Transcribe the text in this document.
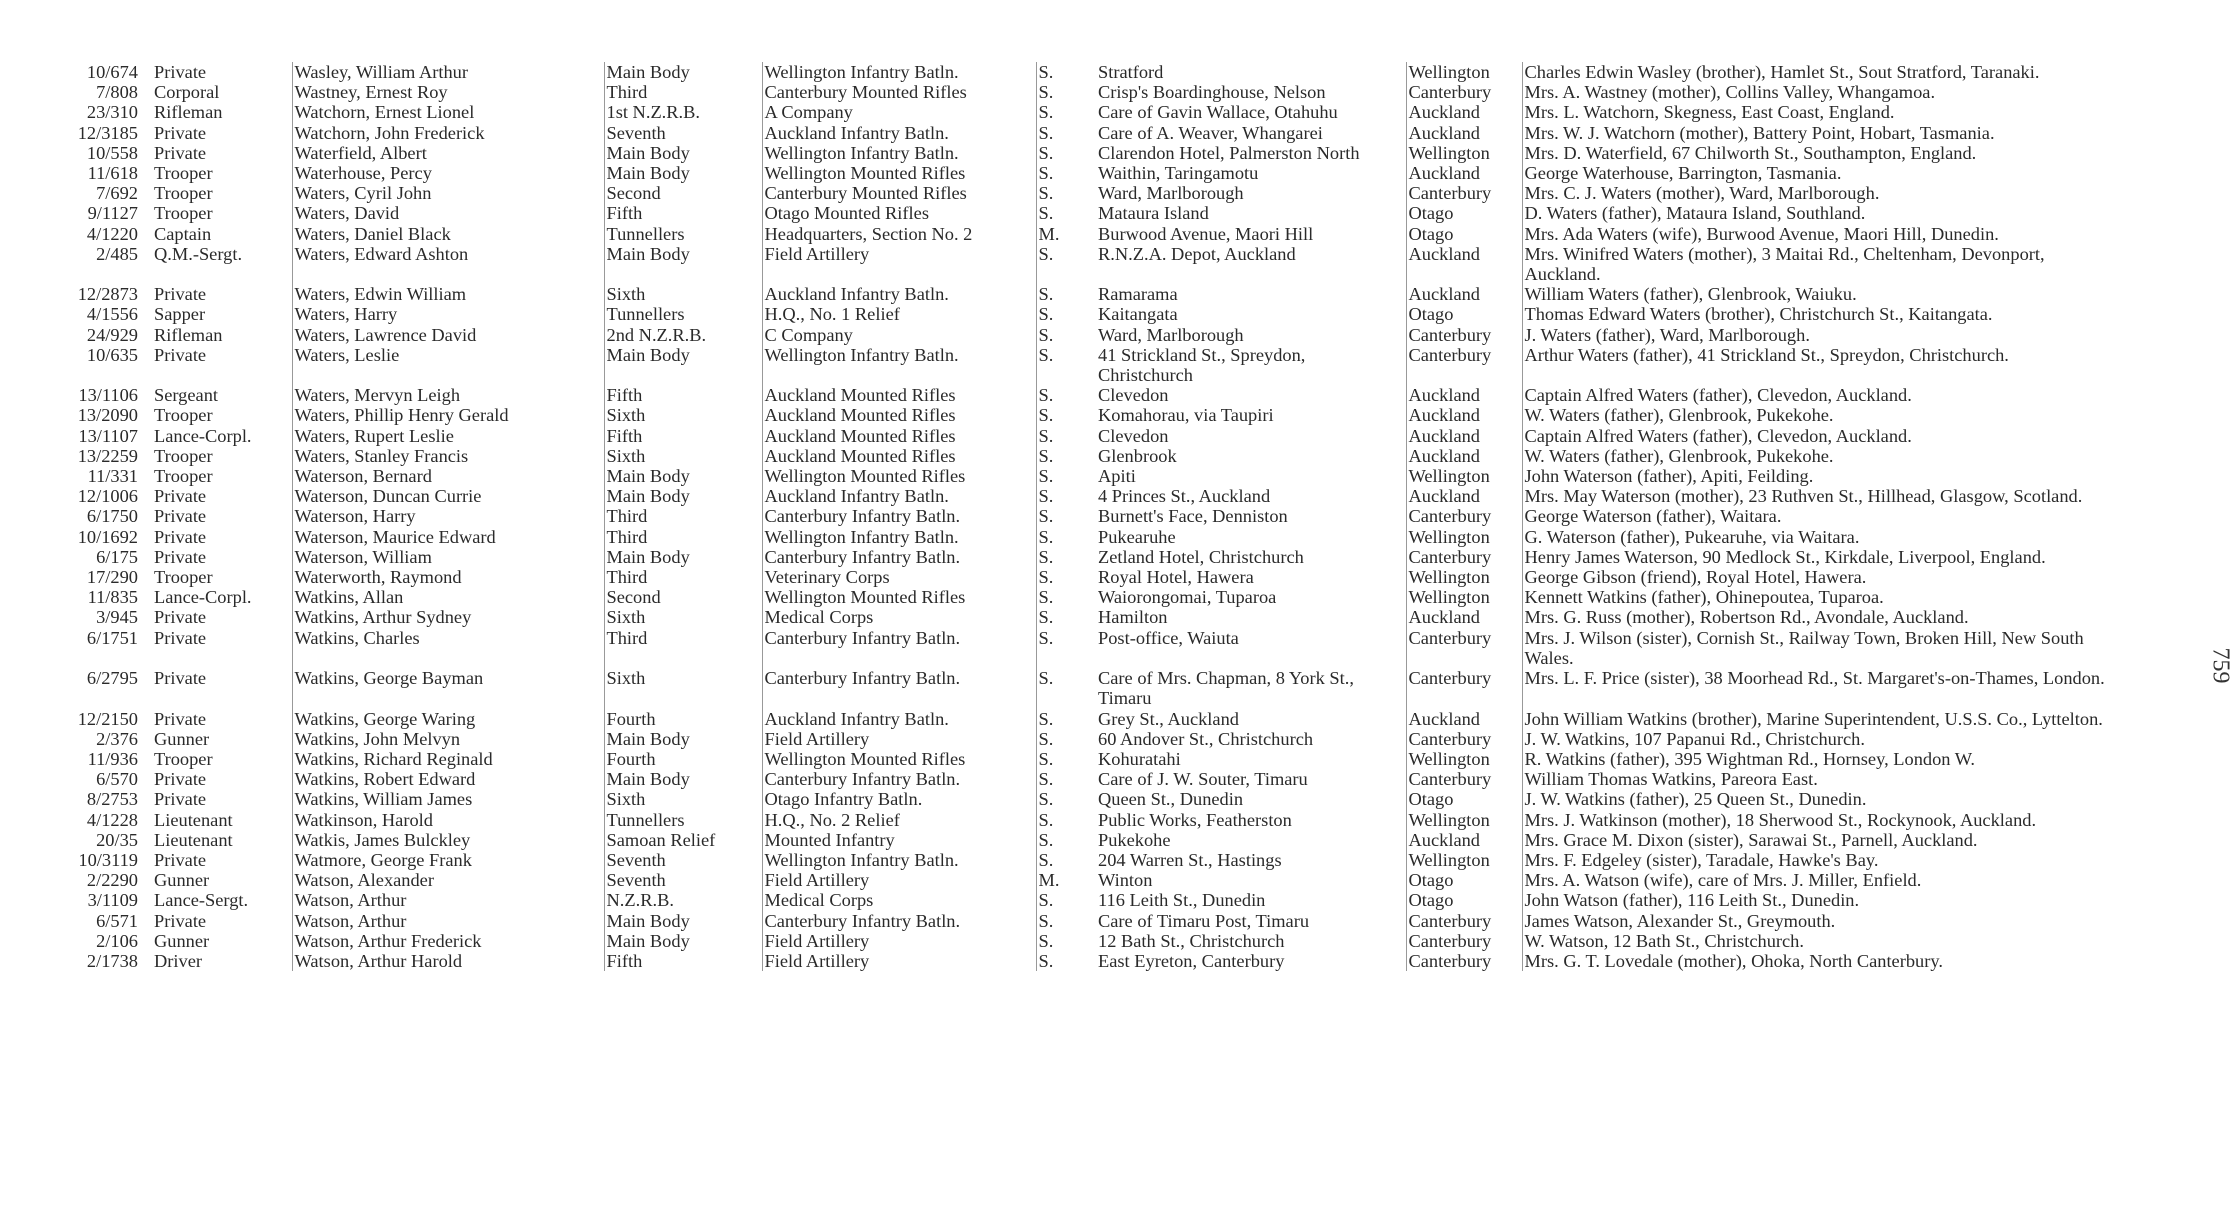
10/674	Private	Wasley, William Arthur	Main Body	Wellington Infantry Batln.	S.	Stratford	Wellington	Charles Edwin Wasley (brother), Hamlet St., Sout Stratford, Taranaki.
7/808	Corporal	Wastney, Ernest Roy	Third	Canterbury Mounted Rifles	S.	Crisp's Boardinghouse, Nelson	Canterbury	Mrs. A. Wastney (mother), Collins Valley, Whangamoa.
23/310	Rifleman	Watchorn, Ernest Lionel	1st N.Z.R.B.	A Company	S.	Care of Gavin Wallace, Otahuhu	Auckland	Mrs. L. Watchorn, Skegness, East Coast, England.
12/3185	Private	Watchorn, John Frederick	Seventh	Auckland Infantry Batln.	S.	Care of A. Weaver, Whangarei	Auckland	Mrs. W. J. Watchorn (mother), Battery Point, Hobart, Tasmania.
10/558	Private	Waterfield, Albert	Main Body	Wellington Infantry Batln.	S.	Clarendon Hotel, Palmerston North	Wellington	Mrs. D. Waterfield, 67 Chilworth St., Southampton, England.
11/618	Trooper	Waterhouse, Percy	Main Body	Wellington Mounted Rifles	S.	Waithin, Taringamotu	Auckland	George Waterhouse, Barrington, Tasmania.
7/692	Trooper	Waters, Cyril John	Second	Canterbury Mounted Rifles	S.	Ward, Marlborough	Canterbury	Mrs. C. J. Waters (mother), Ward, Marlborough.
9/1127	Trooper	Waters, David	Fifth	Otago Mounted Rifles	S.	Mataura Island	Otago	D. Waters (father), Mataura Island, Southland.
4/1220	Captain	Waters, Daniel Black	Tunnellers	Headquarters, Section No. 2	M.	Burwood Avenue, Maori Hill	Otago	Mrs. Ada Waters (wife), Burwood Avenue, Maori Hill, Dunedin.
2/485	Q.M.-Sergt.	Waters, Edward Ashton	Main Body	Field Artillery	S.	R.N.Z.A. Depot, Auckland	Auckland	Mrs. Winifred Waters (mother), 3 Maitai Rd., Cheltenham, Devonport, Auckland.
12/2873	Private	Waters, Edwin William	Sixth	Auckland Infantry Batln.	S.	Ramarama	Auckland	William Waters (father), Glenbrook, Waiuku.
4/1556	Sapper	Waters, Harry	Tunnellers	H.Q., No. 1 Relief	S.	Kaitangata	Otago	Thomas Edward Waters (brother), Christchurch St., Kaitangata.
24/929	Rifleman	Waters, Lawrence David	2nd N.Z.R.B.	C Company	S.	Ward, Marlborough	Canterbury	J. Waters (father), Ward, Marlborough.
10/635	Private	Waters, Leslie	Main Body	Wellington Infantry Batln.	S.	41 Strickland St., Spreydon, Christchurch	Canterbury	Arthur Waters (father), 41 Strickland St., Spreydon, Christchurch.
13/1106	Sergeant	Waters, Mervyn Leigh	Fifth	Auckland Mounted Rifles	S.	Clevedon	Auckland	Captain Alfred Waters (father), Clevedon, Auckland.
13/2090	Trooper	Waters, Phillip Henry Gerald	Sixth	Auckland Mounted Rifles	S.	Komahorau, via Taupiri	Auckland	W. Waters (father), Glenbrook, Pukekohe.
13/1107	Lance-Corpl.	Waters, Rupert Leslie	Fifth	Auckland Mounted Rifles	S.	Clevedon	Auckland	Captain Alfred Waters (father), Clevedon, Auckland.
13/2259	Trooper	Waters, Stanley Francis	Sixth	Auckland Mounted Rifles	S.	Glenbrook	Auckland	W. Waters (father), Glenbrook, Pukekohe.
11/331	Trooper	Waterson, Bernard	Main Body	Wellington Mounted Rifles	S.	Apiti	Wellington	John Waterson (father), Apiti, Feilding.
12/1006	Private	Waterson, Duncan Currie	Main Body	Auckland Infantry Batln.	S.	4 Princes St., Auckland	Auckland	Mrs. May Waterson (mother), 23 Ruthven St., Hillhead, Glasgow, Scotland.
6/1750	Private	Waterson, Harry	Third	Canterbury Infantry Batln.	S.	Burnett's Face, Denniston	Canterbury	George Waterson (father), Waitara.
10/1692	Private	Waterson, Maurice Edward	Third	Wellington Infantry Batln.	S.	Pukearuhe	Wellington	G. Waterson (father), Pukearuhe, via Waitara.
6/175	Private	Waterson, William	Main Body	Canterbury Infantry Batln.	S.	Zetland Hotel, Christchurch	Canterbury	Henry James Waterson, 90 Medlock St., Kirkdale, Liverpool, England.
17/290	Trooper	Waterworth, Raymond	Third	Veterinary Corps	S.	Royal Hotel, Hawera	Wellington	George Gibson (friend), Royal Hotel, Hawera.
11/835	Lance-Corpl.	Watkins, Allan	Second	Wellington Mounted Rifles	S.	Waiorongomai, Tuparoa	Wellington	Kennett Watkins (father), Ohinepoutea, Tuparoa.
3/945	Private	Watkins, Arthur Sydney	Sixth	Medical Corps	S.	Hamilton	Auckland	Mrs. G. Russ (mother), Robertson Rd., Avondale, Auckland.
6/1751	Private	Watkins, Charles	Third	Canterbury Infantry Batln.	S.	Post-office, Waiuta	Canterbury	Mrs. J. Wilson (sister), Cornish St., Railway Town, Broken Hill, New South Wales.
6/2795	Private	Watkins, George Bayman	Sixth	Canterbury Infantry Batln.	S.	Care of Mrs. Chapman, 8 York St., Timaru	Canterbury	Mrs. L. F. Price (sister), 38 Moorhead Rd., St. Margaret's-on-Thames, London.
12/2150	Private	Watkins, George Waring	Fourth	Auckland Infantry Batln.	S.	Grey St., Auckland	Auckland	John William Watkins (brother), Marine Superintendent, U.S.S. Co., Lyttelton.
2/376	Gunner	Watkins, John Melvyn	Main Body	Field Artillery	S.	60 Andover St., Christchurch	Canterbury	J. W. Watkins, 107 Papanui Rd., Christchurch.
11/936	Trooper	Watkins, Richard Reginald	Fourth	Wellington Mounted Rifles	S.	Kohuratahi	Wellington	R. Watkins (father), 395 Wightman Rd., Hornsey, London W.
6/570	Private	Watkins, Robert Edward	Main Body	Canterbury Infantry Batln.	S.	Care of J. W. Souter, Timaru	Canterbury	William Thomas Watkins, Pareora East.
8/2753	Private	Watkins, William James	Sixth	Otago Infantry Batln.	S.	Queen St., Dunedin	Otago	J. W. Watkins (father), 25 Queen St., Dunedin.
4/1228	Lieutenant	Watkinson, Harold	Tunnellers	H.Q., No. 2 Relief	S.	Public Works, Featherston	Wellington	Mrs. J. Watkinson (mother), 18 Sherwood St., Rockynook, Auckland.
20/35	Lieutenant	Watkis, James Bulckley	Samoan Relief	Mounted Infantry	S.	Pukekohe	Auckland	Mrs. Grace M. Dixon (sister), Sarawai St., Parnell, Auckland.
10/3119	Private	Watmore, George Frank	Seventh	Wellington Infantry Batln.	S.	204 Warren St., Hastings	Wellington	Mrs. F. Edgeley (sister), Taradale, Hawke's Bay.
2/2290	Gunner	Watson, Alexander	Seventh	Field Artillery	M.	Winton	Otago	Mrs. A. Watson (wife), care of Mrs. J. Miller, Enfield.
3/1109	Lance-Sergt.	Watson, Arthur	N.Z.R.B.	Medical Corps	S.	116 Leith St., Dunedin	Otago	John Watson (father), 116 Leith St., Dunedin.
6/571	Private	Watson, Arthur	Main Body	Canterbury Infantry Batln.	S.	Care of Timaru Post, Timaru	Canterbury	James Watson, Alexander St., Greymouth.
2/106	Gunner	Watson, Arthur Frederick	Main Body	Field Artillery	S.	12 Bath St., Christchurch	Canterbury	W. Watson, 12 Bath St., Christchurch.
2/1738	Driver	Watson, Arthur Harold	Fifth	Field Artillery	S.	East Eyreton, Canterbury	Canterbury	Mrs. G. T. Lovedale (mother), Ohoka, North Canterbury.
759
